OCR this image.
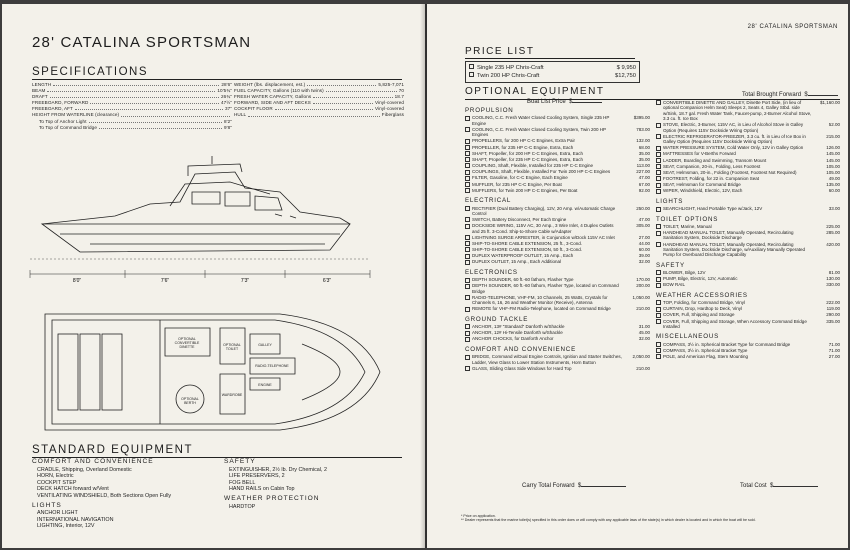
28' CATALINA SPORTSMAN
SPECIFICATIONS
LENGTH	28'6"
BEAM	10'5¾"
DRAFT	26¾"
FREEBOARD, FORWARD	47½"
FREEBOARD, AFT	37"
HEIGHT FROM WATERLINE (clearance)
To Top of Anchor Light	8'2"
To Top of Command Bridge	9'8"
WEIGHT (lbs. displacement, est.)	5,825-7,071
FUEL CAPACITY, Gallons (110 with twins)	70
FRESH WATER CAPACITY, Gallons	18.7
FORWARD, SIDE AND AFT DECKS	Vinyl-covered
COCKPIT FLOOR	Vinyl-covered
HULL	Fiberglass
8'0"	7'6"	7'3"	6'3"
OPTIONAL CONVERTIBLE DINETTE	OPTIONAL TOILET
GALLEY
RADIO-TELEPHONE
ENGINE
WARDROBE
OPTIONAL BERTH
STANDARD EQUIPMENT
COMFORT AND CONVENIENCE
CRADLE, Shipping, Overland Domestic
HORN, Electric
COCKPIT STEP
DECK HATCH forward w/Vent
VENTILATING WINDSHIELD, Both Sections Open Fully
LIGHTS
ANCHOR LIGHT
INTERNATIONAL NAVIGATION
LIGHTING, Interior, 12V
SAFETY
EXTINGUISHER, 2½ lb. Dry Chemical, 2
LIFE PRESERVERS, 2
FOG BELL
HAND RAILS on Cabin Top
WEATHER PROTECTION
HARDTOP
28' CATALINA SPORTSMAN
PRICE LIST
Single 235 HP Chris-Craft	$ 9,950
Twin 200 HP Chris-Craft	$12,750
OPTIONAL EQUIPMENT
Boat List Price $
Total Brought Forward $
PROPULSION
COOLING, C.C. Fresh Water Closed Cooling System, Single 235 HP Engine
$395.00
COOLING, C.C. Fresh Water Closed Cooling System, Twin 200 HP Engines
783.00
PROPELLERS, for 200 HP C-C Engines, Extra Pair	132.00
PROPELLER, for 235 HP C-C Engine, Extra, Each	68.00
SHAFT, Propeller, for 200 HP C-C Engines, Extra, Each	35.00
SHAFT, Propeller, for 235 HP C-C Engines, Extra, Each	35.00
COUPLING, Shaft, Flexible, Installed for 235 HP C-C Engine	113.00
COUPLINGS, Shaft, Flexible, Installed For Twin 200 HP C-C Engines	227.00
FILTER, Gasoline, for C-C Engine, Each Engine	47.00
MUFFLER, for 235 HP C-C Engine, Per Boat	67.00
MUFFLERS, for Twin 200 HP C-C Engines, Per Boat	92.00
ELECTRICAL
RECTIFIER (Dual Battery Charging), 12V, 20 Amp. w/Automatic Charge Control
250.00
SWITCH, Battery Disconnect, Per Each Engine	47.00
DOCKSIDE WIRING, 115V AC, 30 Amp., 3 Wire Inlet, 4 Duplex Outlets and 25 ft. 3-Cond. Ship-to-Shore Cable w/Adapter
305.00
LIGHTNING SURGE ARRESTER, in Conjunction w/Dock 115V AC Inlet	27.00
SHIP-TO-SHORE CABLE EXTENSION, 25 ft., 3-Cond.	44.00
SHIP-TO-SHORE CABLE EXTENSION, 50 ft., 3-Cond.	60.00
DUPLEX WATERPROOF OUTLET, 15 Amp., Each	39.00
DUPLEX OUTLET, 15 Amp., Each Additional	32.00
ELECTRONICS
DEPTH SOUNDER, 60 ft.-60 fathom, Flasher Type	170.00
DEPTH SOUNDER, 60 ft.-60 fathom, Flasher Type, located on Command Bridge
200.00
RADIO-TELEPHONE, VHF-FM, 10 Channels, 25 Watts, Crystals for Channels 6, 16, 26 and Weather Monitor (Receive), Antenna
1,050.00
REMOTE for VHF-FM Radio-Telephone, located on Command Bridge	210.00
GROUND TACKLE
ANCHOR, 13# "Standard" Danforth w/Shackle	31.00
ANCHOR, 12# Hi-Tensile Danforth w/Shackle	45.00
ANCHOR CHOCKS, for Danforth Anchor	32.00
COMFORT AND CONVENIENCE
BRIDGE, Command w/Dual Engine Controls, Ignition and Starter Switches, Ladder, View Glass to Lower Station Instruments, Horn Button
2,050.00
GLASS, Sliding Glass Side Windows for Hard Top	210.00
CONVERTIBLE DINETTE AND GALLEY, Dinette Port Side, (in lieu of optional Companion Helm Seat) Sleeps 2, Seats 4, Galley Stbd. side w/Sink, 18.7 gal. Fresh Water Tank, Faucet-pump, 2-Burner Alcohol Stove, 3.3 cu. ft. Ice Box
$1,160.00
STOVE, Electric, 3-Burner, 115V AC, in Lieu of Alcohol Stove in Galley Option (Requires 115V Dockside Wiring Option)
52.00
ELECTRIC REFRIGERATOR-FREEZER, 3.3 cu. ft. in Lieu of Ice Box in Galley Option (Requires 115V Dockside Wiring Option)
215.00
WATER PRESSURE SYSTEM, Cold Water Only, 12V in Galley Option	126.00
MATTRESSES for V-Berths Forward	145.00
LADDER, Boarding and Swimming, Transom Mount	145.00
SEAT, Companion, 20-in., Folding, Less Footrest	105.00
SEAT, Helmsman, 20-in., Folding (Footrest, Footrest Not Required)	105.00
FOOTREST, Folding, for 22 in. Companion Seat	49.00
SEAT, Helmsman for Command Bridge	135.00
WIPER, Windshield, Electric, 12V, Each	60.00
LIGHTS
SEARCHLIGHT, Hand Portable Type w/Jack, 12V	33.00
TOILET OPTIONS
TOILET, Marine, Manual	225.00
HANDHEAD MANUAL TOILET, Manually Operated, Recirculating Sanitation System, Dockside Discharge
285.00
HANDHEAD MANUAL TOILET, Manually Operated, Recirculating Sanitation System, Dockside Discharge, w/Auxiliary Manually Operated Pump for Overboard Discharge Capability
420.00
SAFETY
BLOWER, Bilge, 12V	81.00
PUMP, Bilge, Electric, 12V, Automatic	130.00
BOW RAIL	330.00
WEATHER ACCESSORIES
TOP, Folding, for Command Bridge, Vinyl	222.00
CURTAIN, Drop, Hardtop to Deck, Vinyl	119.00
COVER, Full, Shipping and Storage	290.00
COVER, Full, Shipping and Storage, When Accessory Command Bridge Installed
335.00
MISCELLANEOUS
COMPASS, 3½ in. Spherical Bracket Type for Command Bridge	71.00
COMPASS, 3½ in. Spherical Bracket Type	71.00
POLE, and American Flag, Stern Mounting	27.00
Carry Total Forward $	Total Cost $
* Price on application.
** Dealer represents that the marine toilet(s) specified in this order does or will comply with any applicable laws of the state(s) in which dealer is located and in which the boat will be sold.
